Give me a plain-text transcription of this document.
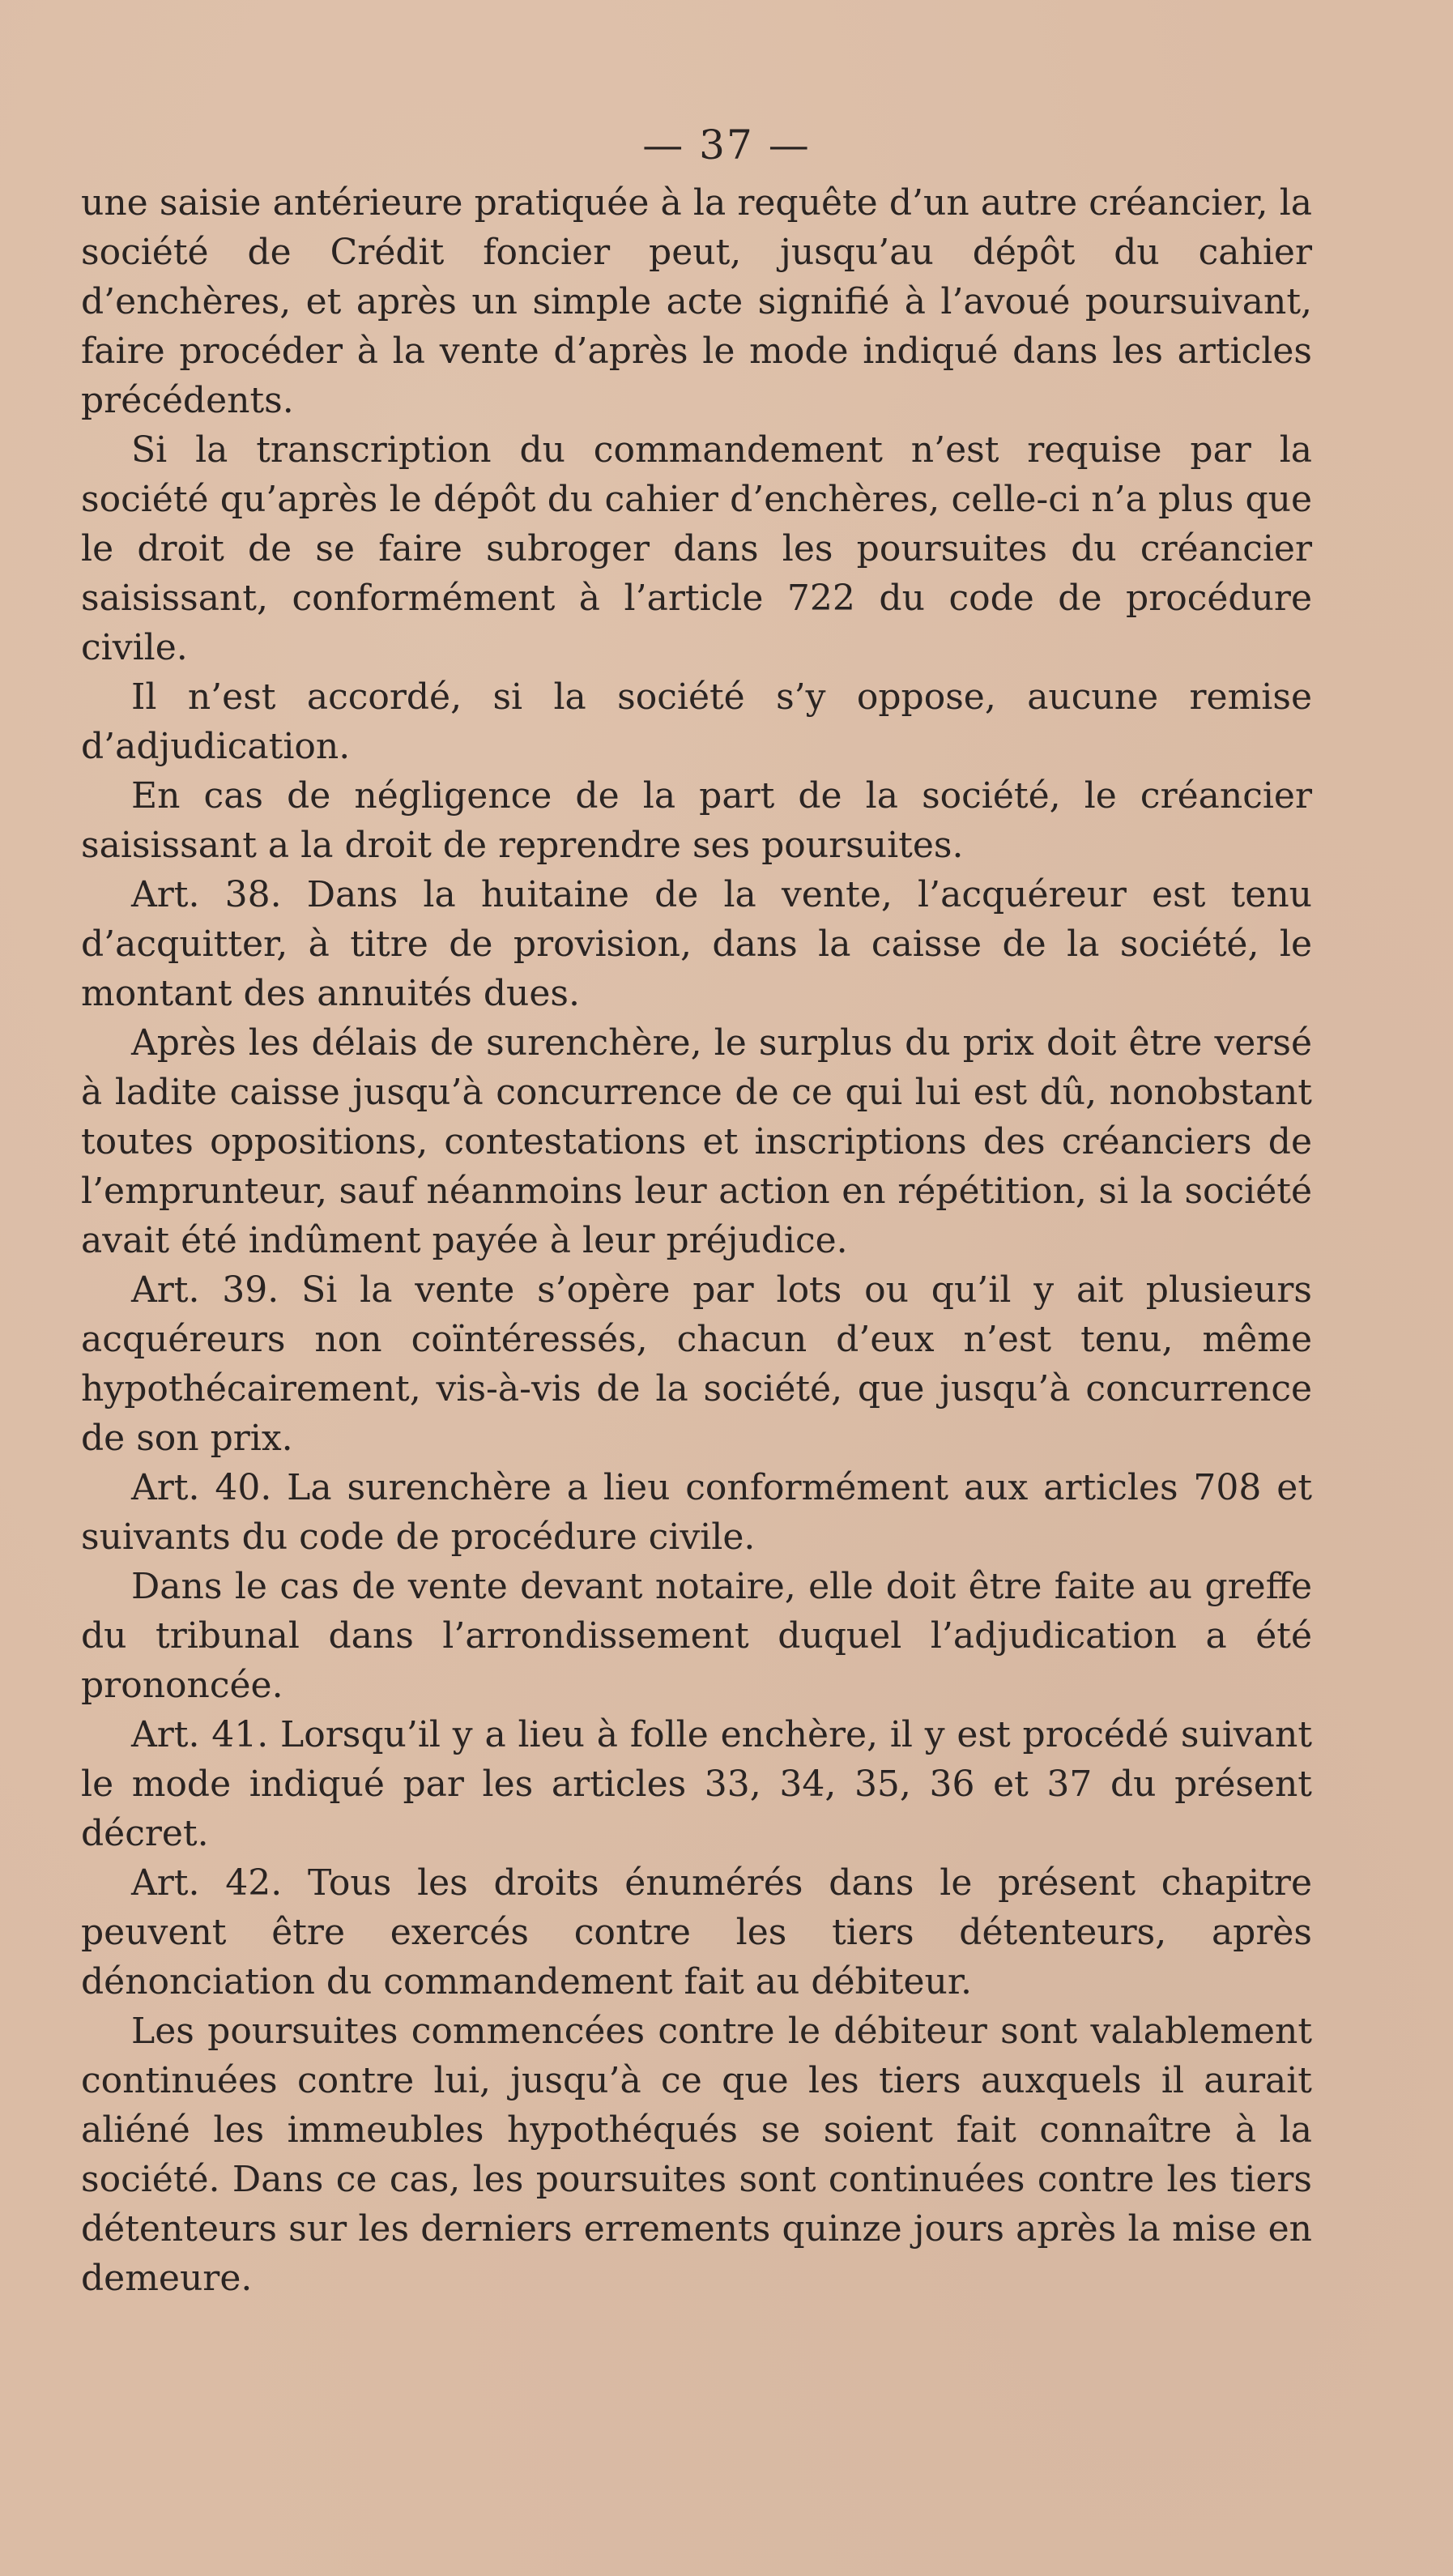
— 37 —

une saisie antérieure pratiquée à la requête d’un autre créancier, la société de Crédit foncier peut, jusqu’au dépôt du cahier d’enchères, et après un simple acte signifié à l’avoué poursuivant, faire procéder à la vente d’après le mode indiqué dans les articles précédents.

Si la transcription du commandement n’est requise par la société qu’après le dépôt du cahier d’enchères, celle-ci n’a plus que le droit de se faire subroger dans les poursuites du créancier saisissant, conformément à l’article 722 du code de procédure civile.

Il n’est accordé, si la société s’y oppose, aucune remise d’adjudication.

En cas de négligence de la part de la société, le créancier saisissant a la droit de reprendre ses poursuites.

Art. 38. Dans la huitaine de la vente, l’acquéreur est tenu d’acquitter, à titre de provision, dans la caisse de la société, le montant des annuités dues.

Après les délais de surenchère, le surplus du prix doit être versé à ladite caisse jusqu’à concurrence de ce qui lui est dû, nonobstant toutes oppositions, contestations et inscriptions des créanciers de l’emprunteur, sauf néanmoins leur action en répétition, si la société avait été indûment payée à leur préjudice.

Art. 39. Si la vente s’opère par lots ou qu’il y ait plusieurs acquéreurs non coïntéressés, chacun d’eux n’est tenu, même hypothécairement, vis-à-vis de la société, que jusqu’à concurrence de son prix.

Art. 40. La surenchère a lieu conformément aux articles 708 et suivants du code de procédure civile.

Dans le cas de vente devant notaire, elle doit être faite au greffe du tribunal dans l’arrondissement duquel l’adjudication a été prononcée.

Art. 41. Lorsqu’il y a lieu à folle enchère, il y est procédé suivant le mode indiqué par les articles 33, 34, 35, 36 et 37 du présent décret.

Art. 42. Tous les droits énumérés dans le présent chapitre peuvent être exercés contre les tiers détenteurs, après dénonciation du commandement fait au débiteur.

Les poursuites commencées contre le débiteur sont valablement continuées contre lui, jusqu’à ce que les tiers auxquels il aurait aliéné les immeubles hypothéqués se soient fait connaître à la société. Dans ce cas, les poursuites sont continuées contre les tiers détenteurs sur les derniers errements quinze jours après la mise en demeure.
